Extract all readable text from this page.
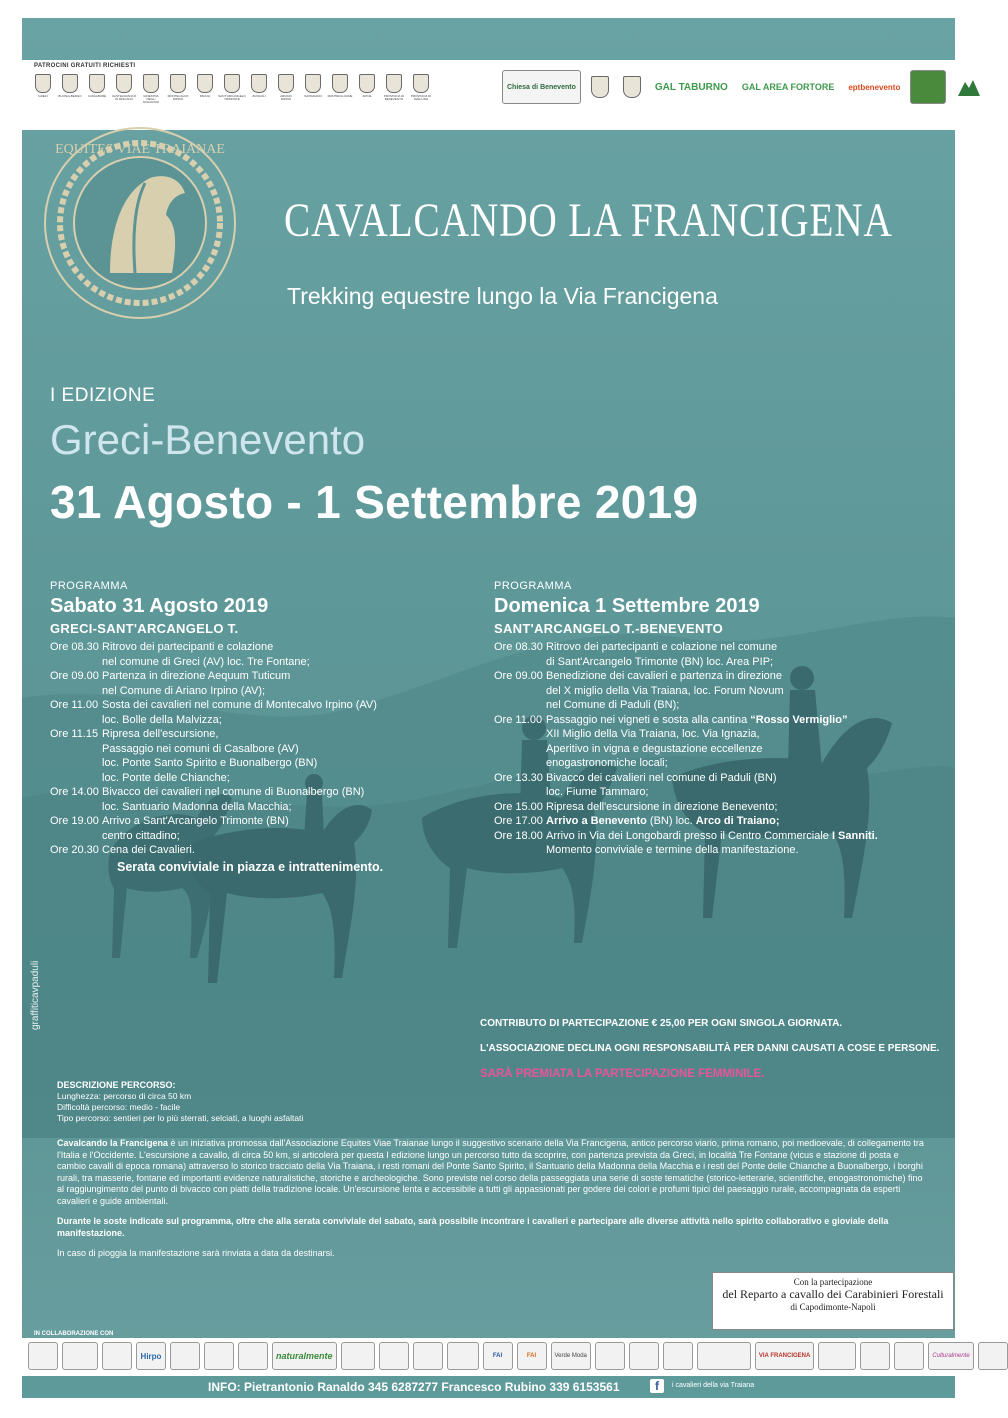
PATROCINI GRATUITI RICHIESTI
GRECI	BUONALBERGO CASALBORE CASTELFRANCO IN MISCANO
GINESTRA DEGLI SCHIAVONI
MONTECALVO IRPINO
PADULI	SANT'ARCANGELO TRIMONTE
ZUNGOLI	ARIANO IRPINO
SAVIGNANO MONTEFALCONE	APICE	PROVINCIA DI BENEVENTO
PROVINCIA DI AVELLINO
Chiesa di Benevento	GAL TABURNO	GAL AREA FORTORE	eptbenevento
EQUITES VIAE TRAIANAE
CAVALCANDO LA FRANCIGENA
Trekking equestre lungo la Via Francigena
I EDIZIONE
Greci-Benevento
31 Agosto - 1 Settembre 2019
PROGRAMMA
Sabato 31 Agosto 2019
GRECI-SANT'ARCANGELO T.
Ore 08.30 Ritrovo dei partecipanti e colazione
nel comune di Greci (AV) loc. Tre Fontane;
Ore 09.00 Partenza in direzione Aequum Tuticum
nel Comune di Ariano Irpino (AV);
Ore 11.00 Sosta dei cavalieri nel comune di Montecalvo Irpino (AV)
loc. Bolle della Malvizza;
Ore 11.15 Ripresa dell'escursione,
Passaggio nei comuni di Casalbore (AV)
loc. Ponte Santo Spirito e Buonalbergo (BN)
loc. Ponte delle Chianche;
Ore 14.00 Bivacco dei cavalieri nel comune di Buonalbergo (BN)
loc. Santuario Madonna della Macchia;
Ore 19.00 Arrivo a Sant'Arcangelo Trimonte (BN)
centro cittadino;
Ore 20.30 Cena dei Cavalieri.
Serata conviviale in piazza e intrattenimento.
PROGRAMMA
Domenica 1 Settembre 2019
SANT'ARCANGELO T.-BENEVENTO
Ore 08.30 Ritrovo dei partecipanti e colazione nel comune
di Sant'Arcangelo Trimonte (BN) loc. Area PIP;
Ore 09.00 Benedizione dei cavalieri e partenza in direzione
del X miglio della Via Traiana, loc. Forum Novum
nel Comune di Paduli (BN);
Ore 11.00 Passaggio nei vigneti e sosta alla cantina “Rosso Vermiglio”
XII Miglio della Via Traiana, loc. Via Ignazia,
Aperitivo in vigna e degustazione eccellenze
enogastronomiche locali;
Ore 13.30 Bivacco dei cavalieri nel comune di Paduli (BN)
loc. Fiume Tammaro;
Ore 15.00 Ripresa dell'escursione in direzione Benevento;
Ore 17.00 Arrivo a Benevento (BN) loc. Arco di Traiano;
Ore 18.00 Arrivo in Via dei Longobardi presso il Centro Commerciale I Sanniti.
Momento conviviale e termine della manifestazione.
graffiticavpaduli	CONTRIBUTO DI PARTECIPAZIONE € 25,00 PER OGNI SINGOLA GIORNATA.
L'ASSOCIAZIONE DECLINA OGNI RESPONSABILITÀ PER DANNI CAUSATI A COSE E PERSONE.
SARÀ PREMIATA LA PARTECIPAZIONE FEMMINILE.
DESCRIZIONE PERCORSO:
Lunghezza: percorso di circa 50 km
Difficoltà percorso: medio - facile
Tipo percorso: sentieri per lo più sterrati, selciati, a luoghi asfaltati

Cavalcando la Francigena è un iniziativa promossa dall'Associazione Equites Viae Traianae lungo il suggestivo scenario della Via Francigena, antico percorso viario, prima romano, poi medioevale, di collegamento tra l'Italia e l'Occidente. L'escursione a cavallo, di circa 50 km, si articolerà per questa I edizione lungo un percorso tutto da scoprire, con partenza prevista da Greci, in località Tre Fontane (vicus e stazione di posta e cambio cavalli di epoca romana) attraverso lo storico tracciato della Via Traiana, i resti romani del Ponte Santo Spirito, il Santuario della Madonna della Macchia e i resti del Ponte delle Chianche a Buonalbergo, i borghi rurali, tra masserie, fontane ed importanti evidenze naturalistiche, storiche e archeologiche. Sono previste nel corso della passeggiata una serie di soste tematiche (storico-letterarie, scientifiche, enogastronomiche) fino al raggiungimento del punto di bivacco con piatti della tradizione locale. Un'escursione lenta e accessibile a tutti gli appassionati per godere dei colori e profumi tipici del paesaggio rurale, accompagnata da esperti cavalieri e guide ambientali.

Durante le soste indicate sul programma, oltre che alla serata conviviale del sabato, sarà possibile incontrare i cavalieri e partecipare alle diverse attività nello spirito collaborativo e gioviale della manifestazione.

In caso di pioggia la manifestazione sarà rinviata a data da destinarsi.

Con la partecipazione
del Reparto a cavallo dei Carabinieri Forestali
di Capodimonte-Napoli
IN COLLABORAZIONE CON
Hirpo	naturalmente	FAI	FAI	Verde Moda	VIA FRANCIGENA	Culturalmente
INFO: Pietrantonio Ranaldo 345 6287277 Francesco Rubino 339 6153561	f	i cavalieri della via Traiana
